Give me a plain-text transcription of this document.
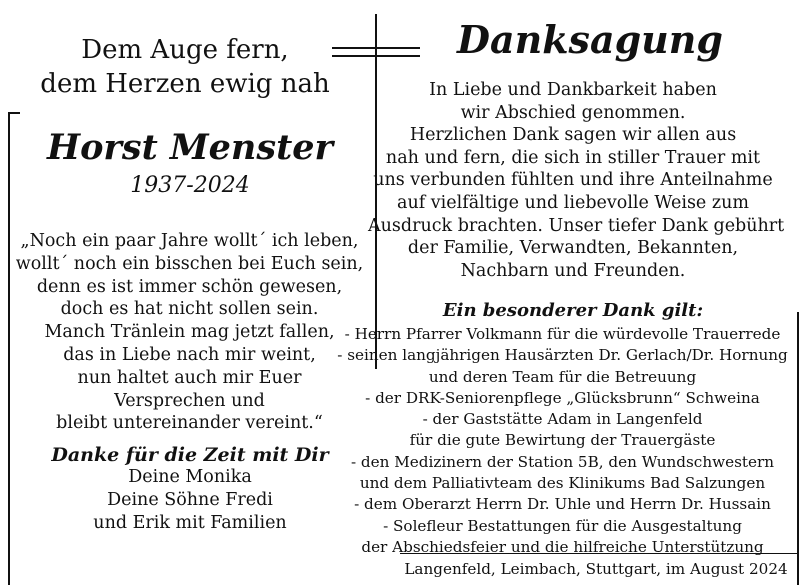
Dem Auge fern,
dem Herzen ewig nah
Horst Menster
1937-2024
„Noch ein paar Jahre wollt´ ich leben,
wollt´ noch ein bisschen bei Euch sein,
denn es ist immer schön gewesen,
doch es hat nicht sollen sein.
Manch Tränlein mag jetzt fallen,
das in Liebe nach mir weint,
nun haltet auch mir Euer
Versprechen und
bleibt untereinander vereint.“
Danke für die Zeit mit Dir
Deine Monika
Deine Söhne Fredi
und Erik mit Familien
Danksagung
In Liebe und Dankbarkeit haben
wir Abschied genommen.
Herzlichen Dank sagen wir allen aus
nah und fern, die sich in stiller Trauer mit
uns verbunden fühlten und ihre Anteilnahme
auf vielfältige und liebevolle Weise zum
Ausdruck brachten. Unser tiefer Dank gebührt
der Familie, Verwandten, Bekannten,
Nachbarn und Freunden.
Ein besonderer Dank gilt:
- Herrn Pfarrer Volkmann für die würdevolle Trauerrede
- seinen langjährigen Hausärzten Dr. Gerlach/Dr. Hornung
und deren Team für die Betreuung
- der DRK-Seniorenpflege „Glücksbrunn“ Schweina
- der Gaststätte Adam in Langenfeld
für die gute Bewirtung der Trauergäste
- den Medizinern der Station 5B, den Wundschwestern
und dem Palliativteam des Klinikums Bad Salzungen
- dem Oberarzt Herrn Dr. Uhle und Herrn Dr. Hussain
- Solefleur Bestattungen für die Ausgestaltung
der Abschiedsfeier und die hilfreiche Unterstützung
Langenfeld, Leimbach, Stuttgart, im August 2024
